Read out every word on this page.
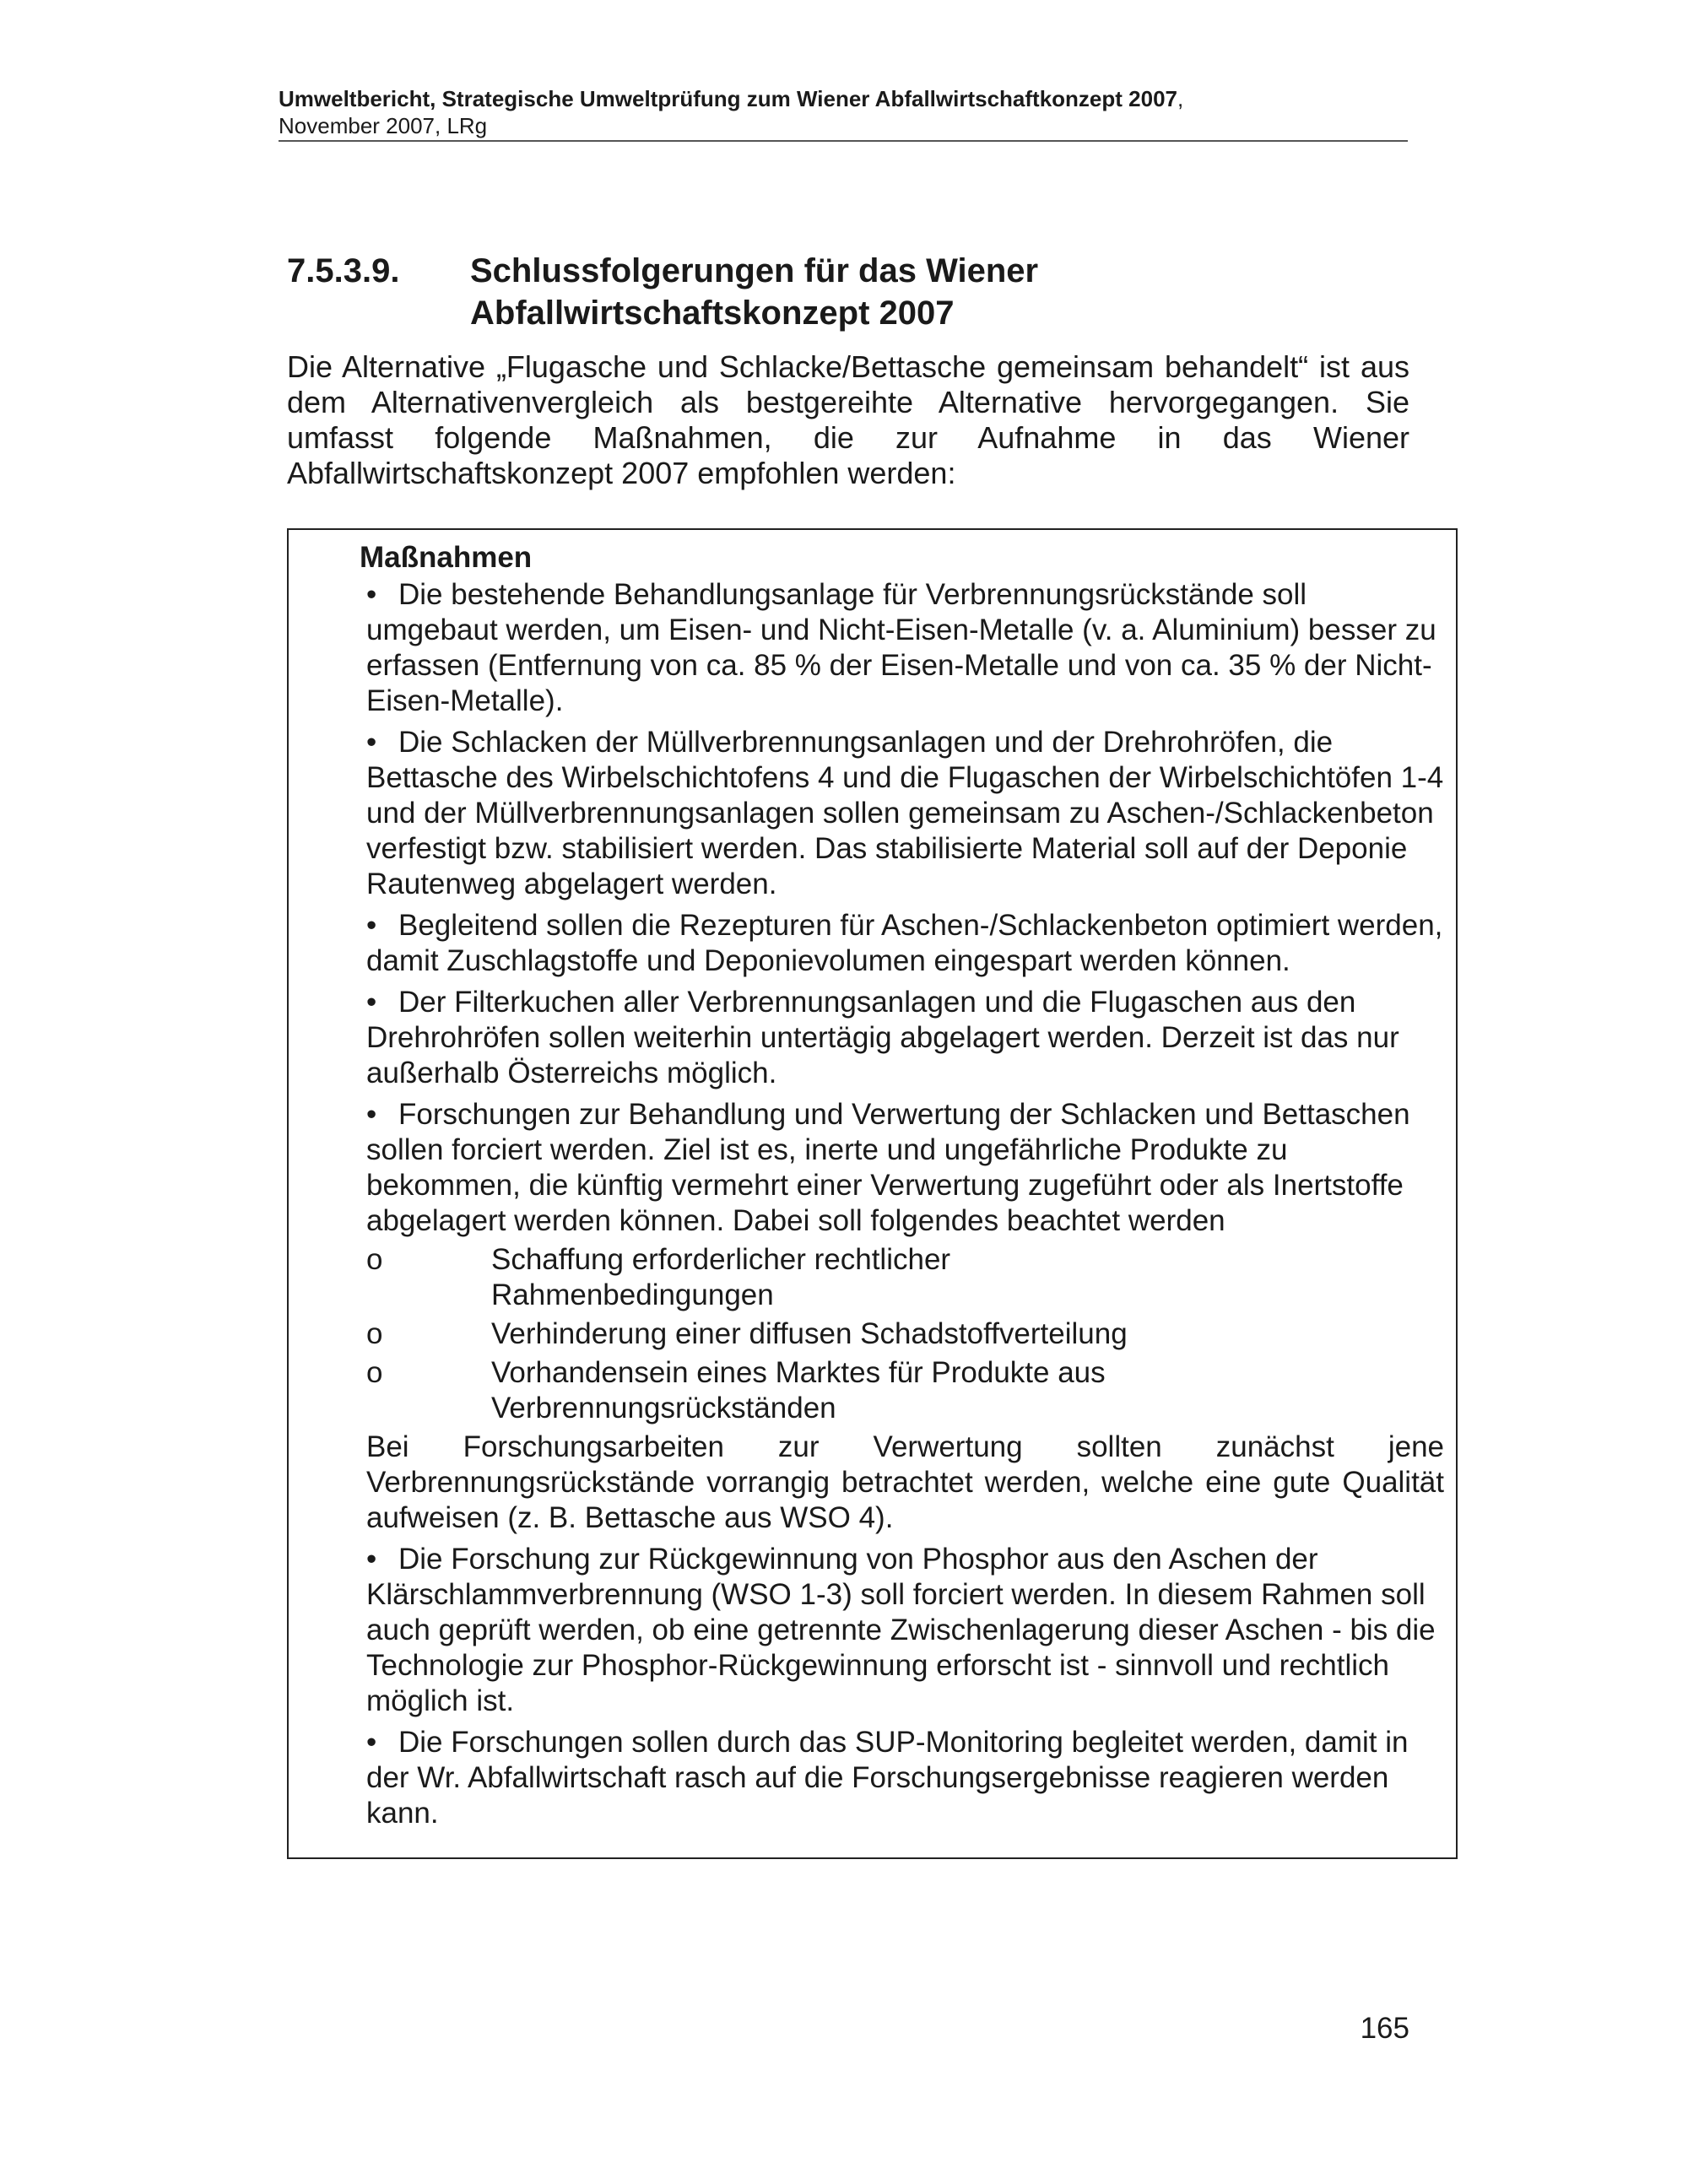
Umweltbericht, Strategische Umweltprüfung zum Wiener Abfallwirtschaftkonzept 2007,
November 2007, LRg
7.5.3.9.	Schlussfolgerungen für das Wiener Abfallwirtschaftskonzept 2007
Die Alternative „Flugasche und Schlacke/Bettasche gemeinsam behandelt“ ist aus dem Alternativenvergleich als bestgereihte Alternative hervorgegangen. Sie umfasst folgende Maßnahmen, die zur Aufnahme in das Wiener Abfallwirtschaftskonzept 2007 empfohlen werden:
Maßnahmen
• Die bestehende Behandlungsanlage für Verbrennungsrückstände soll umgebaut werden, um Eisen- und Nicht-Eisen-Metalle (v. a. Aluminium) besser zu erfassen (Entfernung von ca. 85 % der Eisen-Metalle und von ca. 35 % der Nicht-Eisen-Metalle).
• Die Schlacken der Müllverbrennungsanlagen und der Drehrohröfen, die Bettasche des Wirbelschichtofens 4 und die Flugaschen der Wirbelschichtöfen 1-4 und der Müllverbrennungsanlagen sollen gemeinsam zu Aschen-/Schlackenbeton verfestigt bzw. stabilisiert werden. Das stabilisierte Material soll auf der Deponie Rautenweg abgelagert werden.
• Begleitend sollen die Rezepturen für Aschen-/Schlackenbeton optimiert werden, damit Zuschlagstoffe und Deponievolumen eingespart werden können.
• Der Filterkuchen aller Verbrennungsanlagen und die Flugaschen aus den Drehrohröfen sollen weiterhin untertägig abgelagert werden. Derzeit ist das nur außerhalb Österreichs möglich.
• Forschungen zur Behandlung und Verwertung der Schlacken und Bettaschen sollen forciert werden. Ziel ist es, inerte und ungefährliche Produkte zu bekommen, die künftig vermehrt einer Verwertung zugeführt oder als Inertstoffe abgelagert werden können. Dabei soll folgendes beachtet werden
o	Schaffung erforderlicher rechtlicher Rahmenbedingungen
o	Verhinderung einer diffusen Schadstoffverteilung
o	Vorhandensein eines Marktes für Produkte aus Verbrennungsrückständen
Bei Forschungsarbeiten zur Verwertung sollten zunächst jene Verbrennungsrückstände vorrangig betrachtet werden, welche eine gute Qualität aufweisen (z. B. Bettasche aus WSO 4).
• Die Forschung zur Rückgewinnung von Phosphor aus den Aschen der Klärschlammverbrennung (WSO 1-3) soll forciert werden. In diesem Rahmen soll auch geprüft werden, ob eine getrennte Zwischenlagerung dieser Aschen - bis die Technologie zur Phosphor-Rückgewinnung erforscht ist - sinnvoll und rechtlich möglich ist.
• Die Forschungen sollen durch das SUP-Monitoring begleitet werden, damit in der Wr. Abfallwirtschaft rasch auf die Forschungsergebnisse reagieren werden kann.
165
